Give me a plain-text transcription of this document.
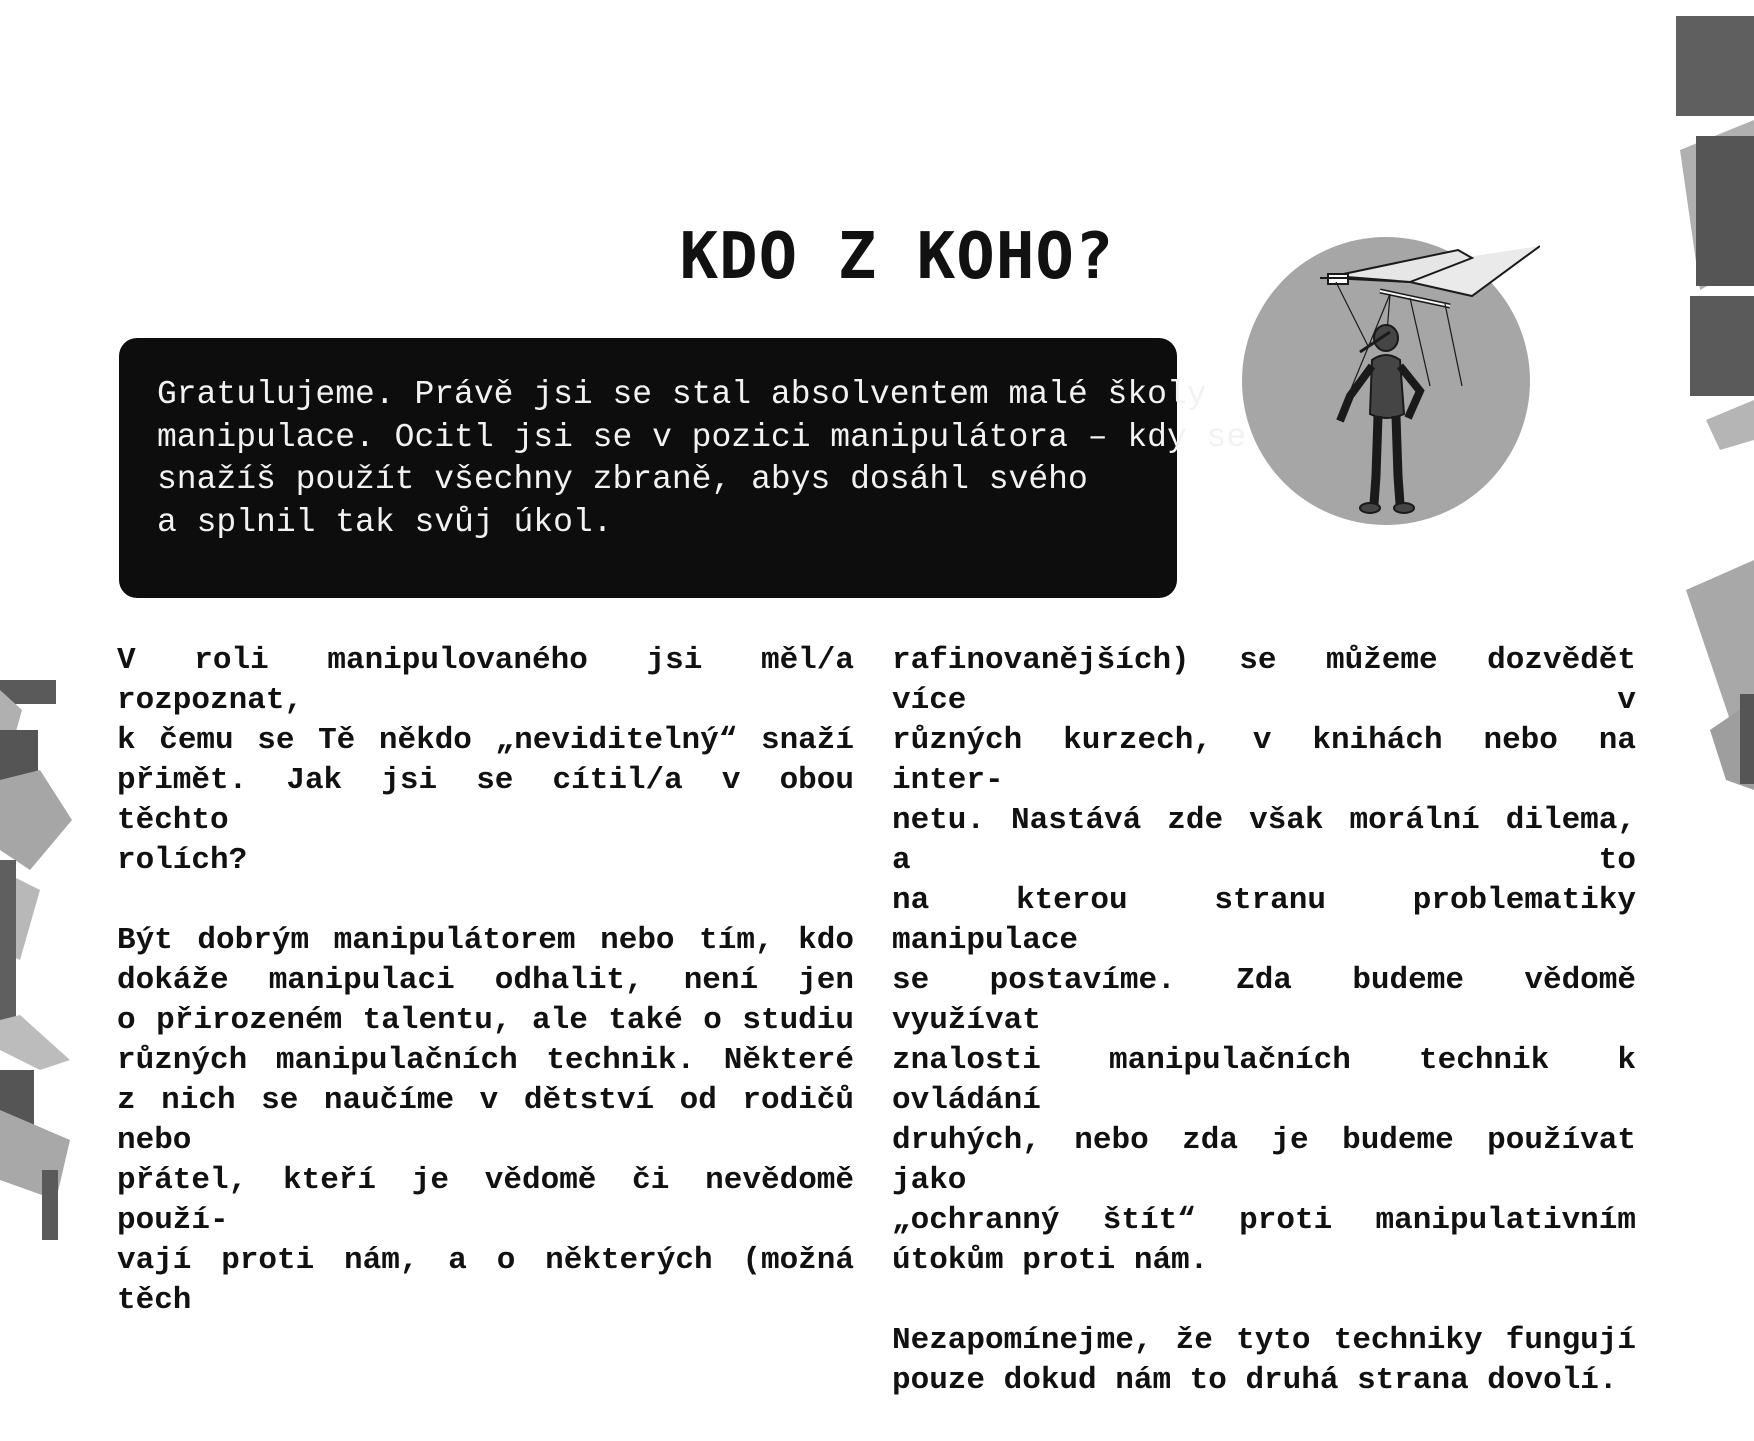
KDO Z KOHO?
Gratulujeme. Právě jsi se stal absolventem malé školy
manipulace. Ocitl jsi se v pozici manipulátora – kdy se
snažíš použít všechny zbraně, abys dosáhl svého
a splnil tak svůj úkol.
V roli manipulovaného jsi měl/a rozpoznat,
k čemu se Tě někdo „neviditelný“ snaží
přimět. Jak jsi se cítil/a v obou těchto
rolích?
Být dobrým manipulátorem nebo tím, kdo
dokáže manipulaci odhalit, není jen
o přirozeném talentu, ale také o studiu
různých manipulačních technik. Některé
z nich se naučíme v dětství od rodičů nebo
přátel, kteří je vědomě či nevědomě použí-
vají proti nám, a o některých (možná těch
rafinovanějších) se můžeme dozvědět více v
různých kurzech, v knihách nebo na inter-
netu. Nastává zde však morální dilema, a to
na kterou stranu problematiky manipulace
se postavíme. Zda budeme vědomě využívat
znalosti manipulačních technik k ovládání
druhých, nebo zda je budeme používat jako
„ochranný štít“ proti manipulativním
útokům proti nám.
Nezapomínejme, že tyto techniky fungují
pouze dokud nám to druhá strana dovolí.
